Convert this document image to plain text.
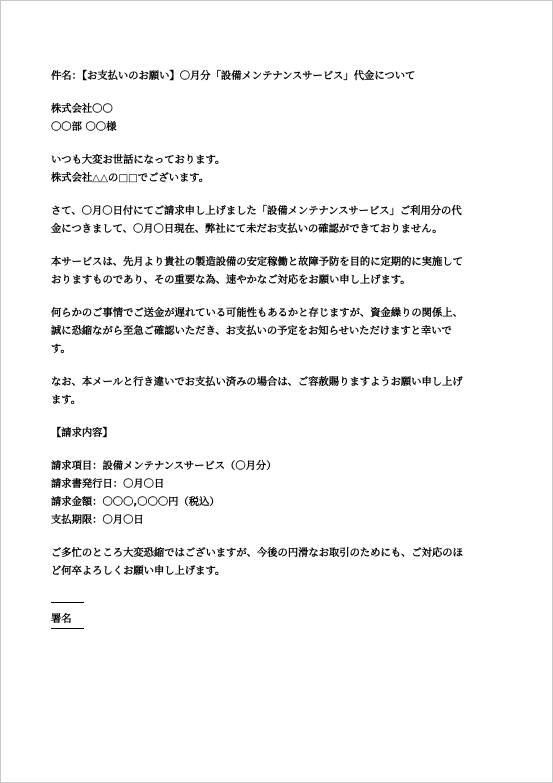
件名：【お支払いのお願い】〇月分「設備メンテナンスサービス」代金について
株式会社〇〇
〇〇部 〇〇様
いつも大変お世話になっております。
株式会社△△の□□でございます。
さて、〇月〇日付にてご請求申し上げました「設備メンテナンスサービス」ご利用分の代
金につきまして、〇月〇日現在、弊社にて未だお支払いの確認ができておりません。
本サービスは、先月より貴社の製造設備の安定稼働と故障予防を目的に定期的に実施して
おりますものであり、その重要な為、速やかなご対応をお願い申し上げます。
何らかのご事情でご送金が遅れている可能性もあるかと存じますが、資金繰りの関係上、
誠に恐縮ながら至急ご確認いただき、お支払いの予定をお知らせいただけますと幸いで
す。
なお、本メールと行き違いでお支払い済みの場合は、ご容赦賜りますようお願い申し上げ
ます。
【請求内容】
請求項目：設備メンテナンスサービス（〇月分）
請求書発行日：〇月〇日
請求金額：〇〇〇,〇〇〇円（税込）
支払期限：〇月〇日
ご多忙のところ大変恐縮ではございますが、今後の円滑なお取引のためにも、ご対応のほ
ど何卒よろしくお願い申し上げます。
署名
